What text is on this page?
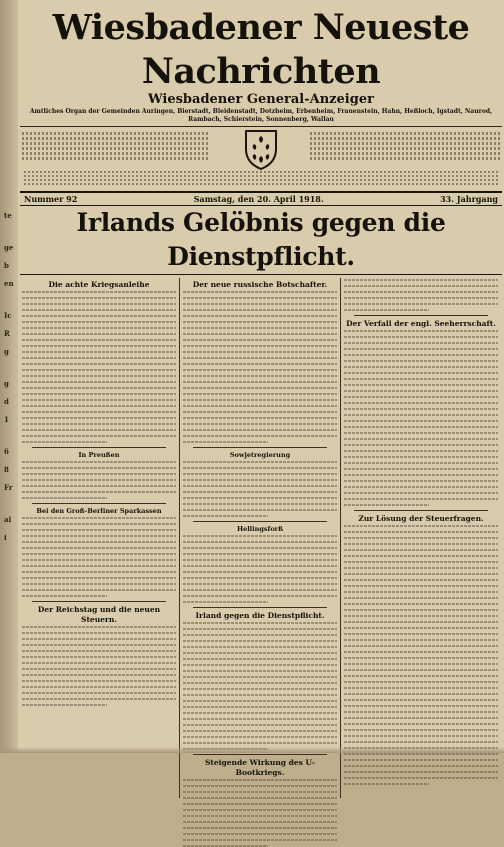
te
ge
b
en
Ic
R
g
g
d
1
6
8
Fr
al
i
Wiesbadener Neueste Nachrichten
Wiesbadener General-Anzeiger
Amtliches Organ der Gemeinden Auringen, Bierstadt, Bleidenstadt, Dotzheim, Erbenheim, Frauenstein, Hahn, Heßloch, Igstadt, Naurod, Rambach, Schierstein, Sonnenberg, Wallau
Nummer 92	Samstag, den 20. April 1918.	33. Jahrgang
Irlands Gelöbnis gegen die Dienstpflicht.
Die achte Kriegsanleihe
In Preußen
Bei den Groß-Berliner Sparkassen
Der Reichstag und die neuen Steuern.
Der neue russische Botschafter.
Sowjetregierung
Hellingsforß
Irland gegen die Dienstpflicht.
Steigende Wirkung des U-Bootkriegs.
Der Verfall der engl. Seeherrschaft.
Zur Lösung der Steuerfragen.
